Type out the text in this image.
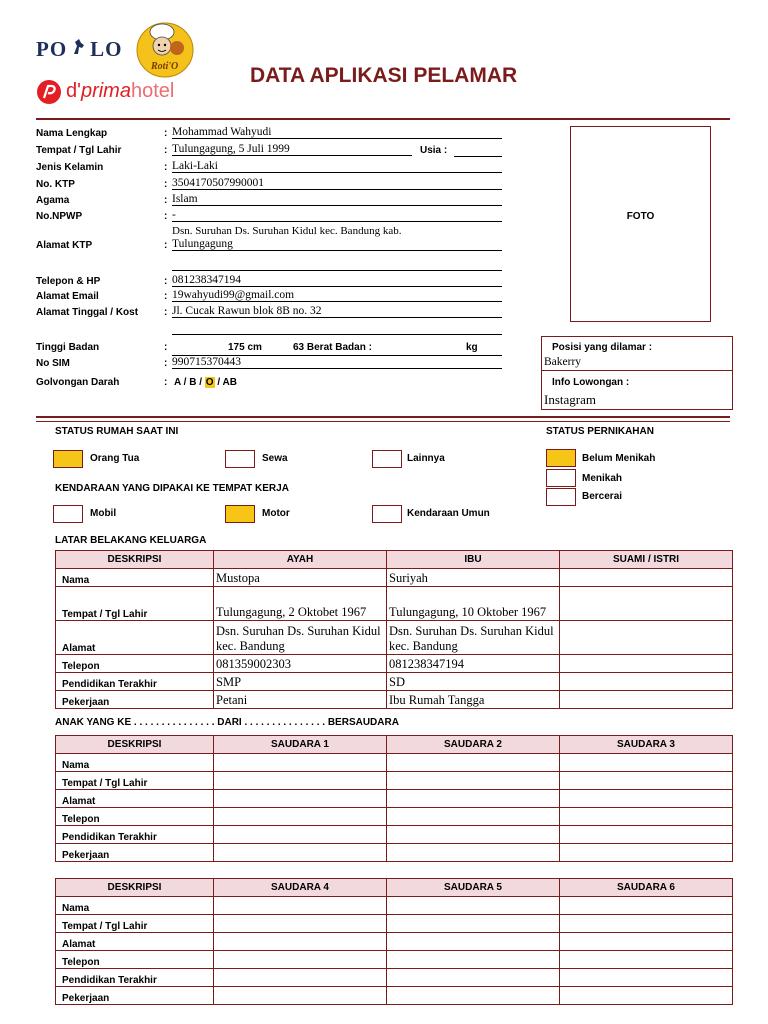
PO LO
Roti'O
d'primahotel
DATA APLIKASI PELAMAR
Nama Lengkap	: Mohammad Wahyudi
Tempat / Tgl Lahir	: Tulungagung, 5 Juli 1999	Usia :
Jenis Kelamin	: Laki-Laki
No. KTP	: 3504170507990001
Agama	: Islam
No.NPWP	: -
Dsn. Suruhan Ds. Suruhan Kidul kec. Bandung kab.
Alamat KTP	: Tulungagung
Telepon & HP	: 081238347194
Alamat Email	: 19wahyudi99@gmail.com
Alamat Tinggal / Kost	: Jl. Cucak Rawun blok 8B no. 32
Tinggi Badan	:	175 cm	63 Berat Badan :	kg
No SIM	: 990715370443
Golvongan Darah	: A / B / O / AB
FOTO
Posisi yang dilamar :
Bakerry
Info Lowongan :
Instagram
STATUS RUMAH SAAT INI
Orang Tua	Sewa	Lainnya
STATUS PERNIKAHAN
Belum Menikah
Menikah
Bercerai
KENDARAAN YANG DIPAKAI KE TEMPAT KERJA
Mobil	Motor	Kendaraan Umun
LATAR BELAKANG KELUARGA
DESKRIPSI	AYAH	IBU	SUAMI / ISTRI
Nama	Mustopa	Suriyah	
Tempat / Tgl Lahir	Tulungagung, 2 Oktobet 1967	Tulungagung, 10 Oktober 1967	
Alamat	Dsn. Suruhan Ds. Suruhan Kidul kec. Bandung	Dsn. Suruhan Ds. Suruhan Kidul kec. Bandung	
Telepon	081359002303	081238347194	
Pendidikan Terakhir	SMP	SD	
Pekerjaan	Petani	Ibu Rumah Tangga	
ANAK YANG KE . . . . . . . . . . . . . . . DARI . . . . . . . . . . . . . . . BERSAUDARA
DESKRIPSI	SAUDARA 1	SAUDARA 2	SAUDARA 3
Nama			
Tempat / Tgl Lahir			
Alamat			
Telepon			
Pendidikan Terakhir			
Pekerjaan			
DESKRIPSI	SAUDARA 4	SAUDARA 5	SAUDARA 6
Nama			
Tempat / Tgl Lahir			
Alamat			
Telepon			
Pendidikan Terakhir			
Pekerjaan			
